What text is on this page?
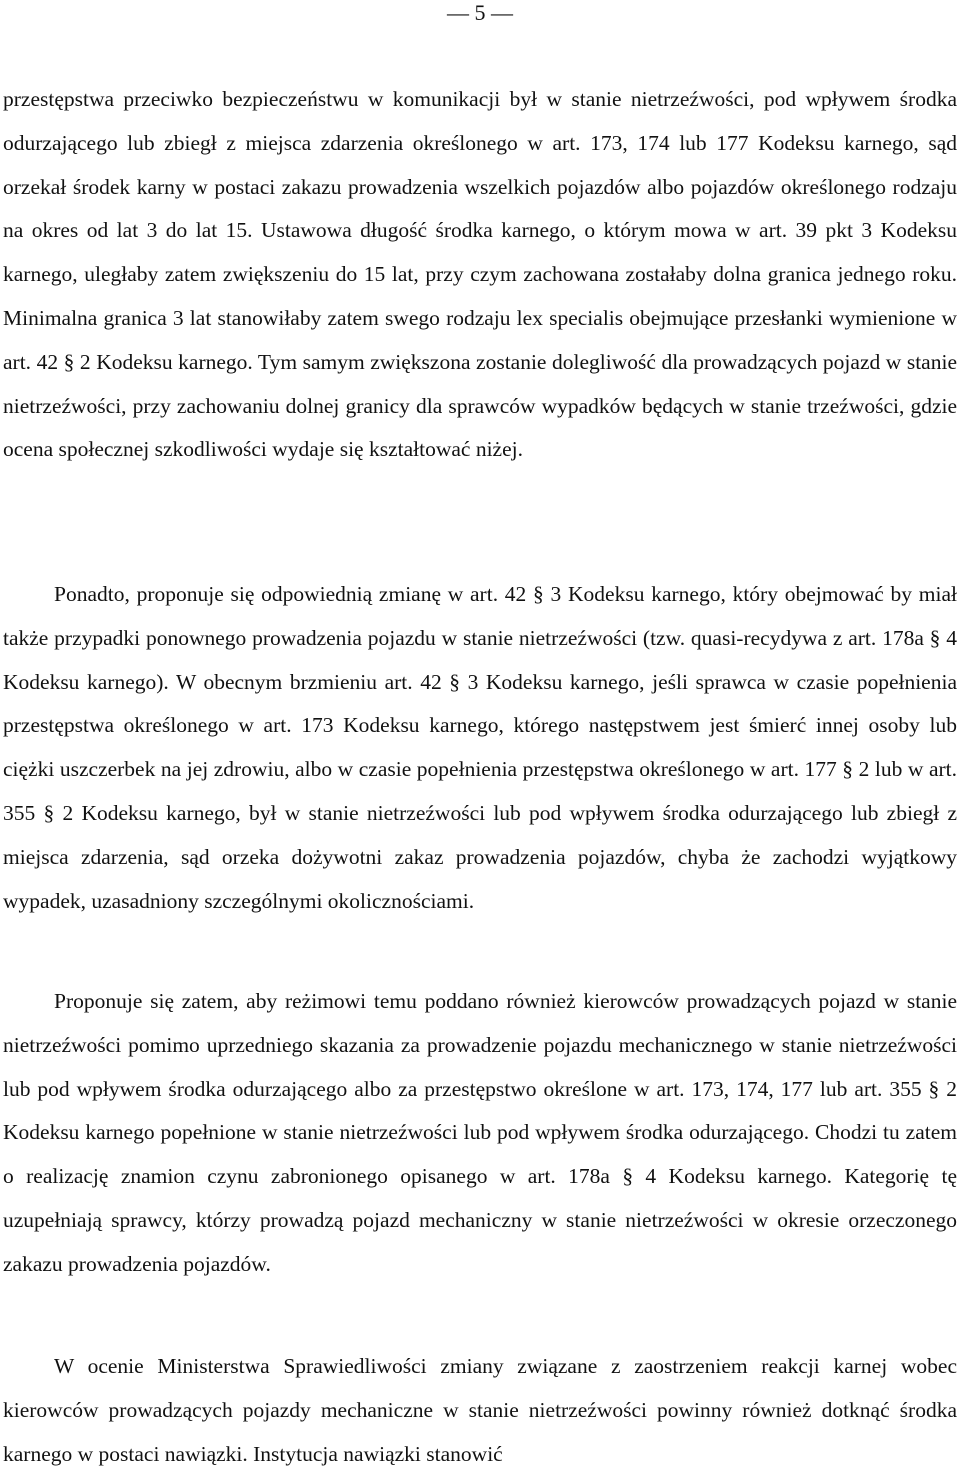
— 5 —

przestępstwa przeciwko bezpieczeństwu w komunikacji był w stanie nietrzeźwości, pod wpływem środka odurzającego lub zbiegł z miejsca zdarzenia określonego w art. 173, 174 lub 177 Kodeksu karnego, sąd orzekał środek karny w postaci zakazu prowadzenia wszelkich pojazdów albo pojazdów określonego rodzaju na okres od lat 3 do lat 15. Ustawowa długość środka karnego, o którym mowa w art. 39 pkt 3 Kodeksu karnego, uległaby zatem zwiększeniu do 15 lat, przy czym zachowana zostałaby dolna granica jednego roku. Minimalna granica 3 lat stanowiłaby zatem swego rodzaju lex specialis obejmujące przesłanki wymienione w art. 42 § 2 Kodeksu karnego. Tym samym zwiększona zostanie dolegliwość dla prowadzących pojazd w stanie nietrzeźwości, przy zachowaniu dolnej granicy dla sprawców wypadków będących w stanie trzeźwości, gdzie ocena społecznej szkodliwości wydaje się kształtować niżej.

Ponadto, proponuje się odpowiednią zmianę w art. 42 § 3 Kodeksu karnego, który obejmować by miał także przypadki ponownego prowadzenia pojazdu w stanie nietrzeźwości (tzw. quasi-recydywa z art. 178a § 4 Kodeksu karnego). W obecnym brzmieniu art. 42 § 3 Kodeksu karnego, jeśli sprawca w czasie popełnienia przestępstwa określonego w art. 173 Kodeksu karnego, którego następstwem jest śmierć innej osoby lub ciężki uszczerbek na jej zdrowiu, albo w czasie popełnienia przestępstwa określonego w art. 177 § 2 lub w art. 355 § 2 Kodeksu karnego, był w stanie nietrzeźwości lub pod wpływem środka odurzającego lub zbiegł z miejsca zdarzenia, sąd orzeka dożywotni zakaz prowadzenia pojazdów, chyba że zachodzi wyjątkowy wypadek, uzasadniony szczególnymi okolicznościami.

Proponuje się zatem, aby reżimowi temu poddano również kierowców prowadzących pojazd w stanie nietrzeźwości pomimo uprzedniego skazania za prowadzenie pojazdu mechanicznego w stanie nietrzeźwości lub pod wpływem środka odurzającego albo za przestępstwo określone w art. 173, 174, 177 lub art. 355 § 2 Kodeksu karnego popełnione w stanie nietrzeźwości lub pod wpływem środka odurzającego. Chodzi tu zatem o realizację znamion czynu zabronionego opisanego w art. 178a § 4 Kodeksu karnego. Kategorię tę uzupełniają sprawcy, którzy prowadzą pojazd mechaniczny w stanie nietrzeźwości w okresie orzeczonego zakazu prowadzenia pojazdów.

W ocenie Ministerstwa Sprawiedliwości zmiany związane z zaostrzeniem reakcji karnej wobec kierowców prowadzących pojazdy mechaniczne w stanie nietrzeźwości powinny również dotknąć środka karnego w postaci nawiązki. Instytucja nawiązki stanowić
